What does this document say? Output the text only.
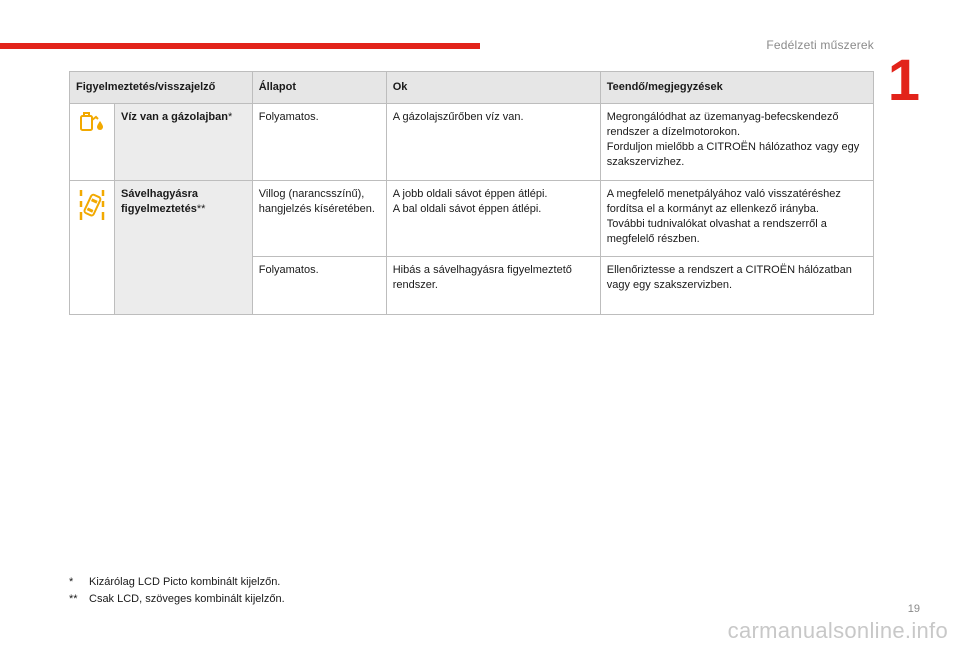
Fedélzeti műszerek
1
Figyelmeztetés/visszajelző		Állapot	Ok	Teendő/megjegyzések

	Víz van a gázolajban*	Folyamatos.	A gázolajszűrőben víz van.	Megrongálódhat az üzemanyag-befecskendező rendszer a dízelmotorokon.
Forduljon mielőbb a CITROËN hálózathoz vagy egy szakszervizhez.

	Sávelhagyásra figyelmeztetés**	Villog (narancsszínű), hangjelzés kíséretében.	A jobb oldali sávot éppen átlépi.
A bal oldali sávot éppen átlépi.	A megfelelő menetpályához való visszatéréshez fordítsa el a kormányt az ellenkező irányba.
További tudnivalókat olvashat a rendszerről a megfelelő részben.

		Folyamatos.	Hibás a sávelhagyásra figyelmeztető rendszer.	Ellenőriztesse a rendszert a CITROËN hálózatban vagy egy szakszervizben.
* Kizárólag LCD Picto kombinált kijelzőn.
** Csak LCD, szöveges kombinált kijelzőn.
19
carmanualsonline.info
